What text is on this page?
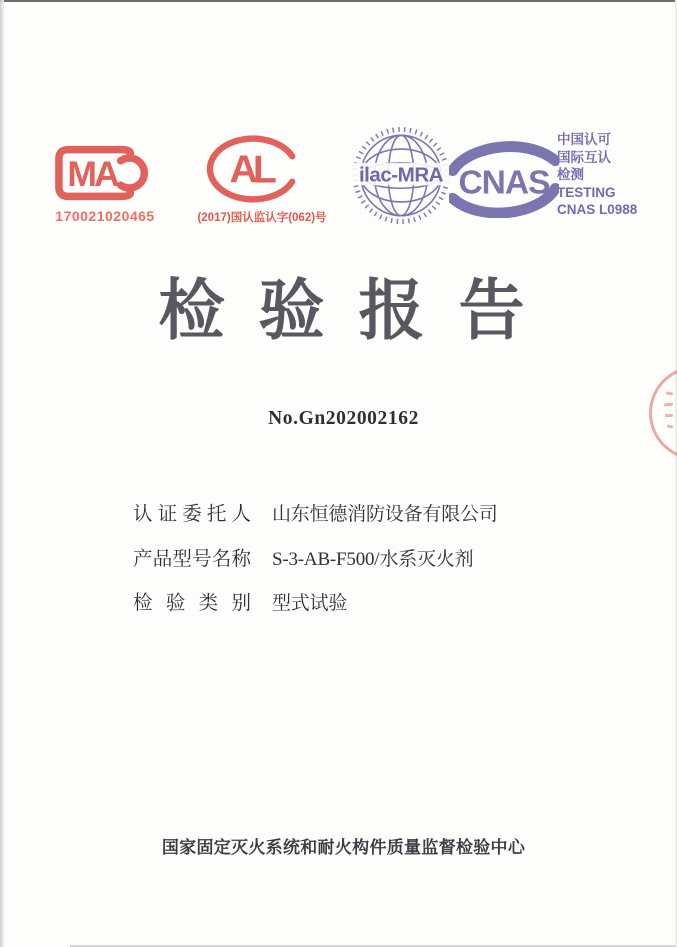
MA
170021020465
AL
(2017)国认监认字(062)号
ilac-MRA CNAS
中国认可
国际互认
检测
TESTING
CNAS L0988
检验报告
No.Gn202002162
认证委托人 山东恒德消防设备有限公司
产品型号名称 S-3-AB-F500/水系灭火剂
检验类别 型式试验
国家固定灭火系统和耐火构件质量监督检验中心
